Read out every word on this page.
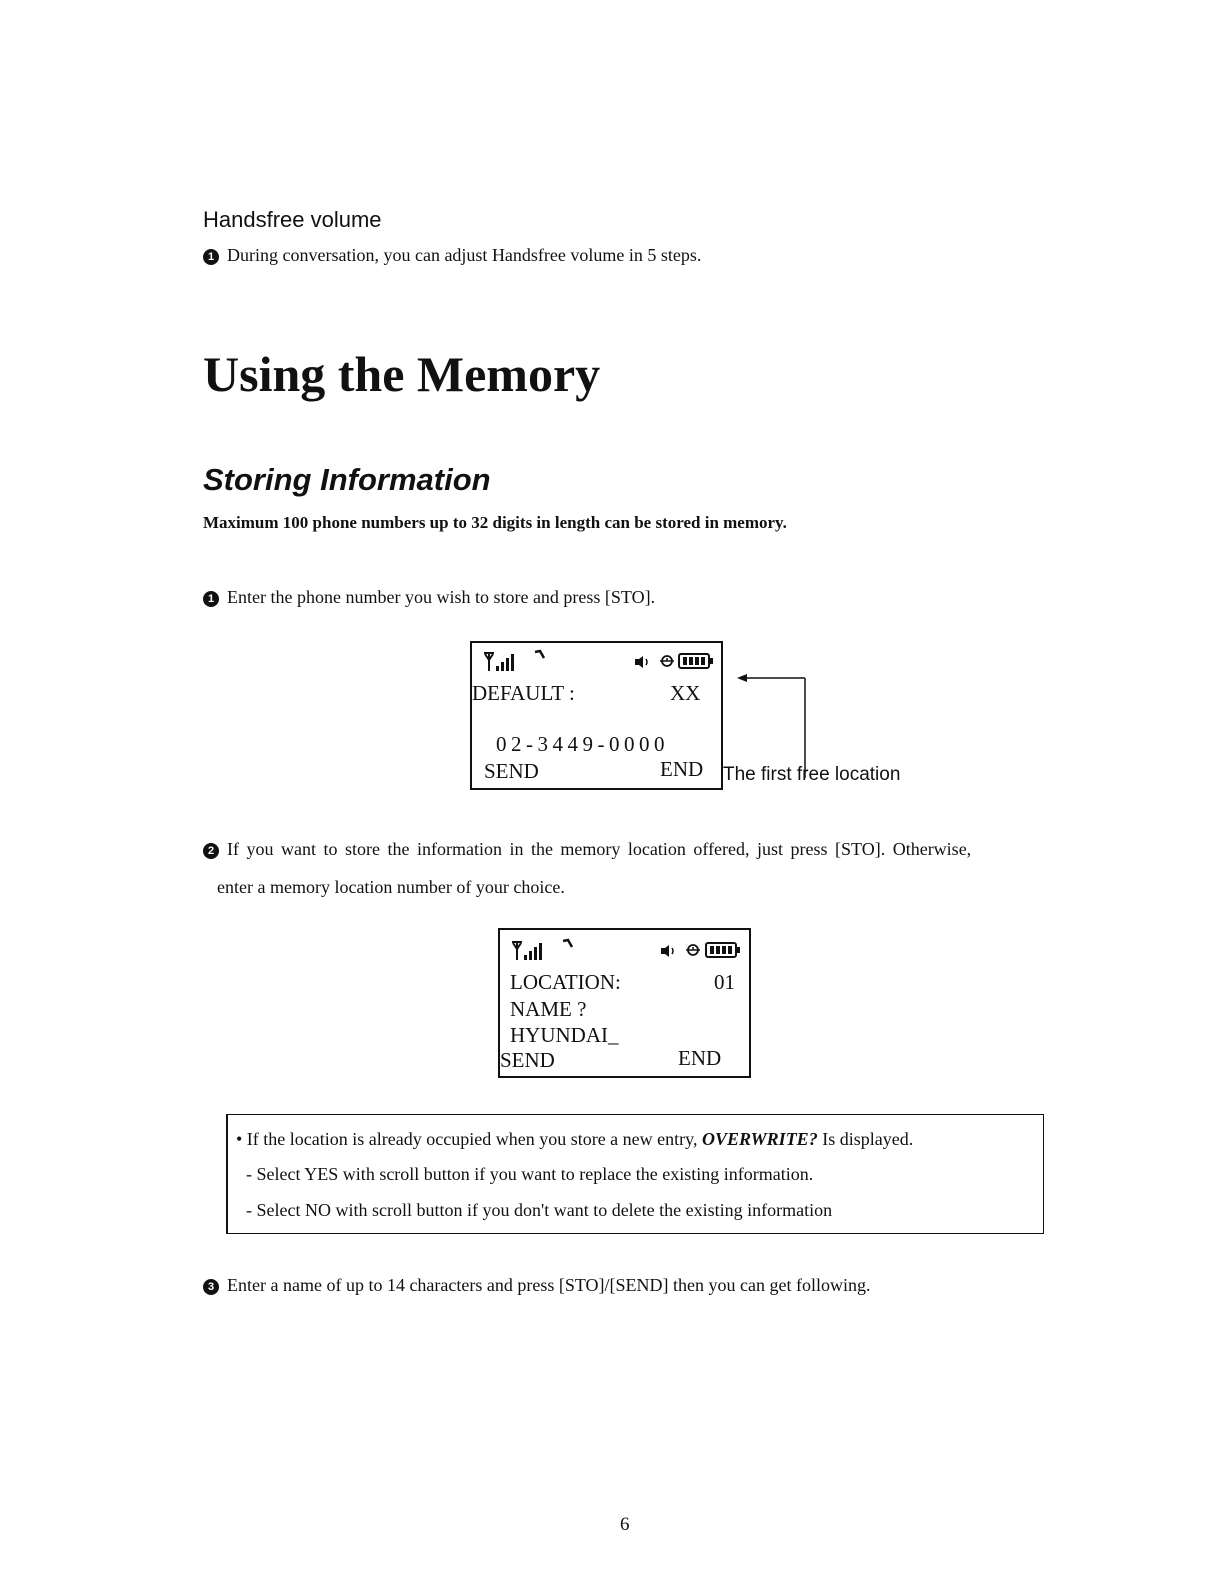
Handsfree volume
1 During conversation, you can adjust Handsfree volume in 5 steps.
Using the Memory
Storing Information
Maximum 100 phone numbers up to 32 digits in length can be stored in memory.
1 Enter the phone number you wish to store and press [STO].
DEFAULT :	XX
02-3449-0000
SEND	END The first free location
2 If you want to store the information in the memory location offered, just press [STO]. Otherwise,
enter a memory location number of your choice.
LOCATION:	01
NAME ?
HYUNDAI_
SEND	END
• If the location is already occupied when you store a new entry, OVERWRITE? Is displayed.
- Select YES with scroll button if you want to replace the existing information.
- Select NO with scroll button if you don't want to delete the existing information
3 Enter a name of up to 14 characters and press [STO]/[SEND] then you can get following.
6
